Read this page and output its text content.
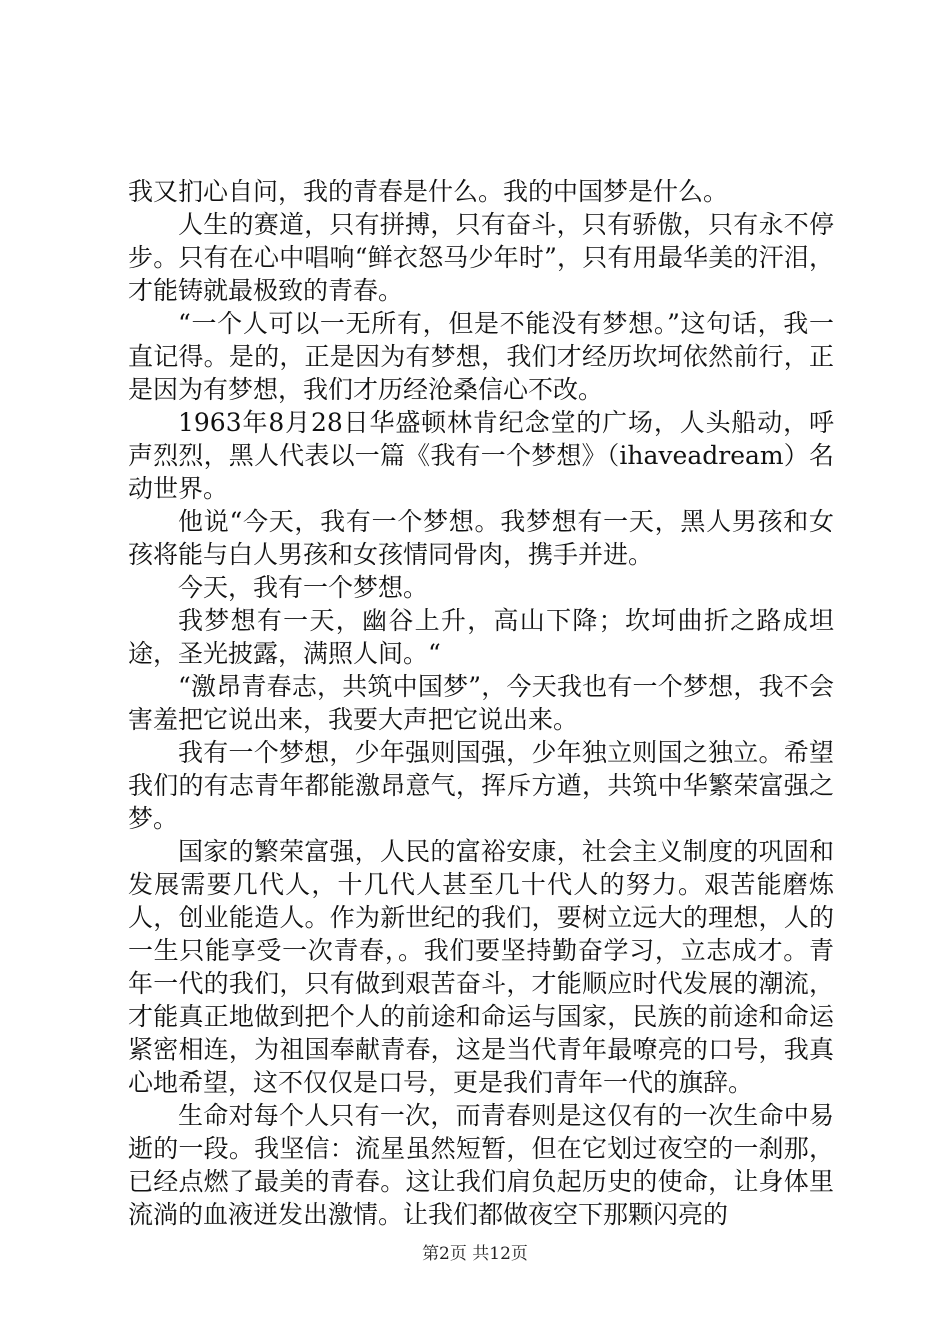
我又扪心自问，我的青春是什么。我的中国梦是什么。

人生的赛道，只有拼搏，只有奋斗，只有骄傲，只有永不停步。只有在心中唱响“鲜衣怒马少年时”，只有用最华美的汗泪，才能铸就最极致的青春。

“一个人可以一无所有，但是不能没有梦想。”这句话，我一直记得。是的，正是因为有梦想，我们才经历坎坷依然前行，正是因为有梦想，我们才历经沧桑信心不改。

1963年8月28日华盛顿林肯纪念堂的广场，人头船动，呼声烈烈，黑人代表以一篇《我有一个梦想》（ihaveadream）名动世界。

他说“今天，我有一个梦想。我梦想有一天，黑人男孩和女孩将能与白人男孩和女孩情同骨肉，携手并进。

今天，我有一个梦想。

我梦想有一天，幽谷上升，高山下降；坎坷曲折之路成坦途，圣光披露，满照人间。“

“激昂青春志，共筑中国梦”，今天我也有一个梦想，我不会害羞把它说出来，我要大声把它说出来。

我有一个梦想，少年强则国强，少年独立则国之独立。希望我们的有志青年都能激昂意气，挥斥方遒，共筑中华繁荣富强之梦。

国家的繁荣富强，人民的富裕安康，社会主义制度的巩固和发展需要几代人，十几代人甚至几十代人的努力。艰苦能磨炼人，创业能造人。作为新世纪的我们，要树立远大的理想，人的一生只能享受一次青春，。我们要坚持勤奋学习，立志成才。青年一代的我们，只有做到艰苦奋斗，才能顺应时代发展的潮流，才能真正地做到把个人的前途和命运与国家，民族的前途和命运紧密相连，为祖国奉献青春，这是当代青年最嘹亮的口号，我真心地希望，这不仅仅是口号，更是我们青年一代的旗辞。

生命对每个人只有一次，而青春则是这仅有的一次生命中易逝的一段。我坚信：流星虽然短暂，但在它划过夜空的一刹那，已经点燃了最美的青春。这让我们肩负起历史的使命，让身体里流淌的血液迸发出激情。让我们都做夜空下那颗闪亮的

第2页 共12页
